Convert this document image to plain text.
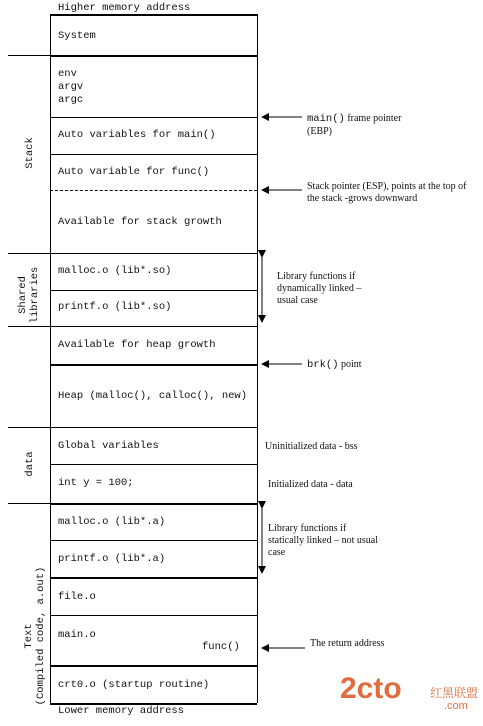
Higher memory address
Lower memory address
Stack
Shared libraries
data
Text (Compiled code, a.out)
System
env
argv
argc
Auto variables for main()
Auto variable for func()
Available for stack growth
malloc.o (lib*.so)
printf.o (lib*.so)
Available for heap growth
Heap (malloc(), calloc(), new)
Global variables
int y = 100;
malloc.o (lib*.a)
printf.o (lib*.a)
file.o
main.o
func()
crt0.o (startup routine)
main() frame pointer
(EBP)
Stack pointer (ESP), points at the top of
the stack -grows downward
Library functions if
dynamically linked –
usual case
brk() point
Uninitialized data - bss
Initialized data - data
Library functions if
statically linked – not usual
case
The return address
2cto 红黑联盟
.com
